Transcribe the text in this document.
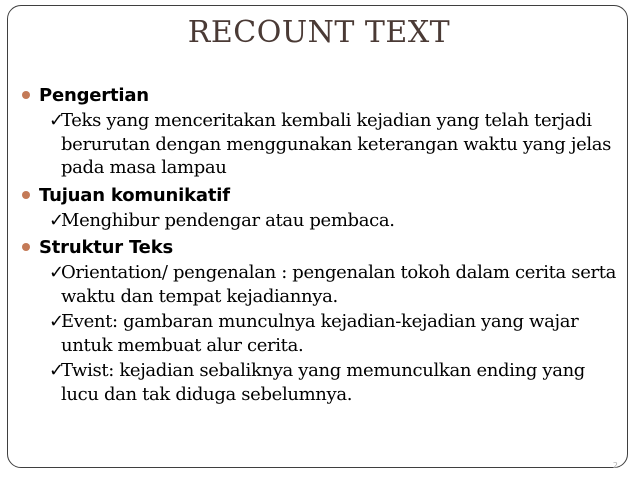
RECOUNT TEXT
Pengertian
✓
Teks yang menceritakan kembali kejadian yang telah terjadi berurutan dengan menggunakan keterangan waktu yang jelas pada masa lampau
Tujuan komunikatif
✓
Menghibur pendengar atau pembaca.
Struktur Teks
✓
Orientation/ pengenalan : pengenalan tokoh dalam cerita serta waktu dan tempat kejadiannya.
✓
Event: gambaran munculnya kejadian-kejadian yang wajar untuk membuat alur cerita.
✓
Twist: kejadian sebaliknya yang memunculkan ending yang lucu dan tak diduga sebelumnya.
2
